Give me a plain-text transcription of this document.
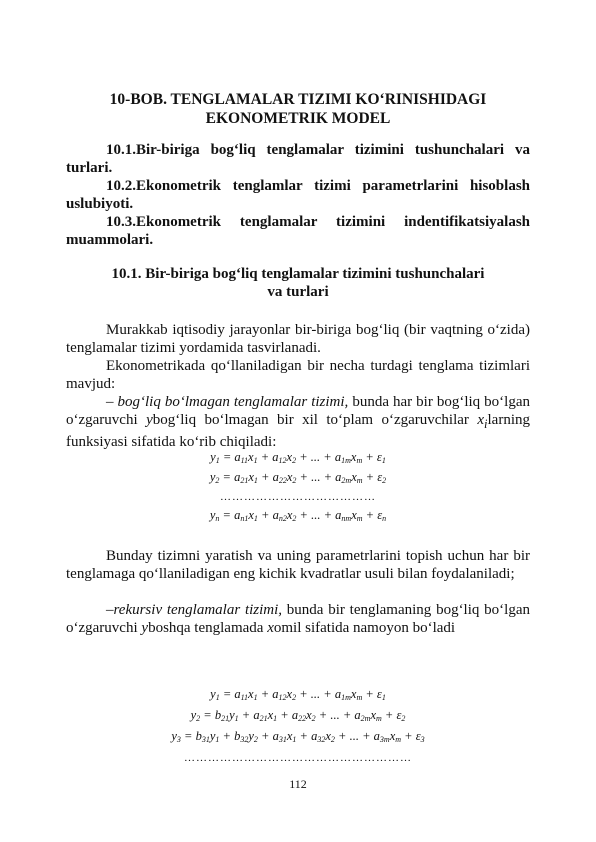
10-BOB. TENGLAMALAR TIZIMI KO‘RINISHIDAGI
EKONOMETRIK MODEL
10.1.Bir-biriga bog‘liq tenglamalar tizimini tushunchalari va turlari.
10.2.Ekonometrik tenglamlar tizimi parametrlarini hisoblash uslubiyoti.
10.3.Ekonometrik tenglamalar tizimini indentifikatsiyalash muammolari.
10.1. Bir-biriga bog‘liq tenglamalar tizimini tushunchalari
va turlari
Murakkab iqtisodiy jarayonlar bir-biriga bog‘liq (bir vaqtning o‘zida) tenglamalar tizimi yordamida tasvirlanadi.
Ekonometrikada qo‘llaniladigan bir necha turdagi tenglama tizimlari mavjud:
– bog‘liq bo‘lmagan tenglamalar tizimi, bunda har bir bog‘liq bo‘lgan o‘zgaruvchi ybog‘liq bo‘lmagan bir xil to‘plam o‘zgaruvchilar $x_ilarning$ funksiyasi sifatida ko‘rib chiqiladi:
$y_1 = a_{11}x_1 + a_{12}x_2$ + ... + $a_{1m}x_m + \varepsilon_1$
$y_2 = a_{21}x_1 + a_{22}x_2$ + ... + $a_{2m}x_m + \varepsilon_2$
…………………………………
$y_n = a_{n1}x_1 + a_{n2}x_2$ + ... + $a_{nm}x_m + \varepsilon_n$
Bunday tizimni yaratish va uning parametrlarini topish uchun har bir tenglamaga qo‘llaniladigan eng kichik kvadratlar usuli bilan foydalaniladi;
–rekursiv tenglamalar tizimi, bunda bir tenglamaning bog‘liq bo‘lgan o‘zgaruvchi yboshqa tenglamada xomil sifatida namoyon bo‘ladi
$y_1 = a_{11}x_1 + a_{12}x_2$ + ... + $a_{1m}x_m + \varepsilon_1$
$y_2 = b_{21}y_1 + a_{21}x_1 + a_{22}x_2$ + ... + $a_{2m}x_m + \varepsilon_2$
$y_3 = b_{31}y_1 + b_{32}y_2 + a_{31}x_1 + a_{32}x_2$ + ... + $a_{3m}x_m + \varepsilon_3$
…………………………………………………
112
